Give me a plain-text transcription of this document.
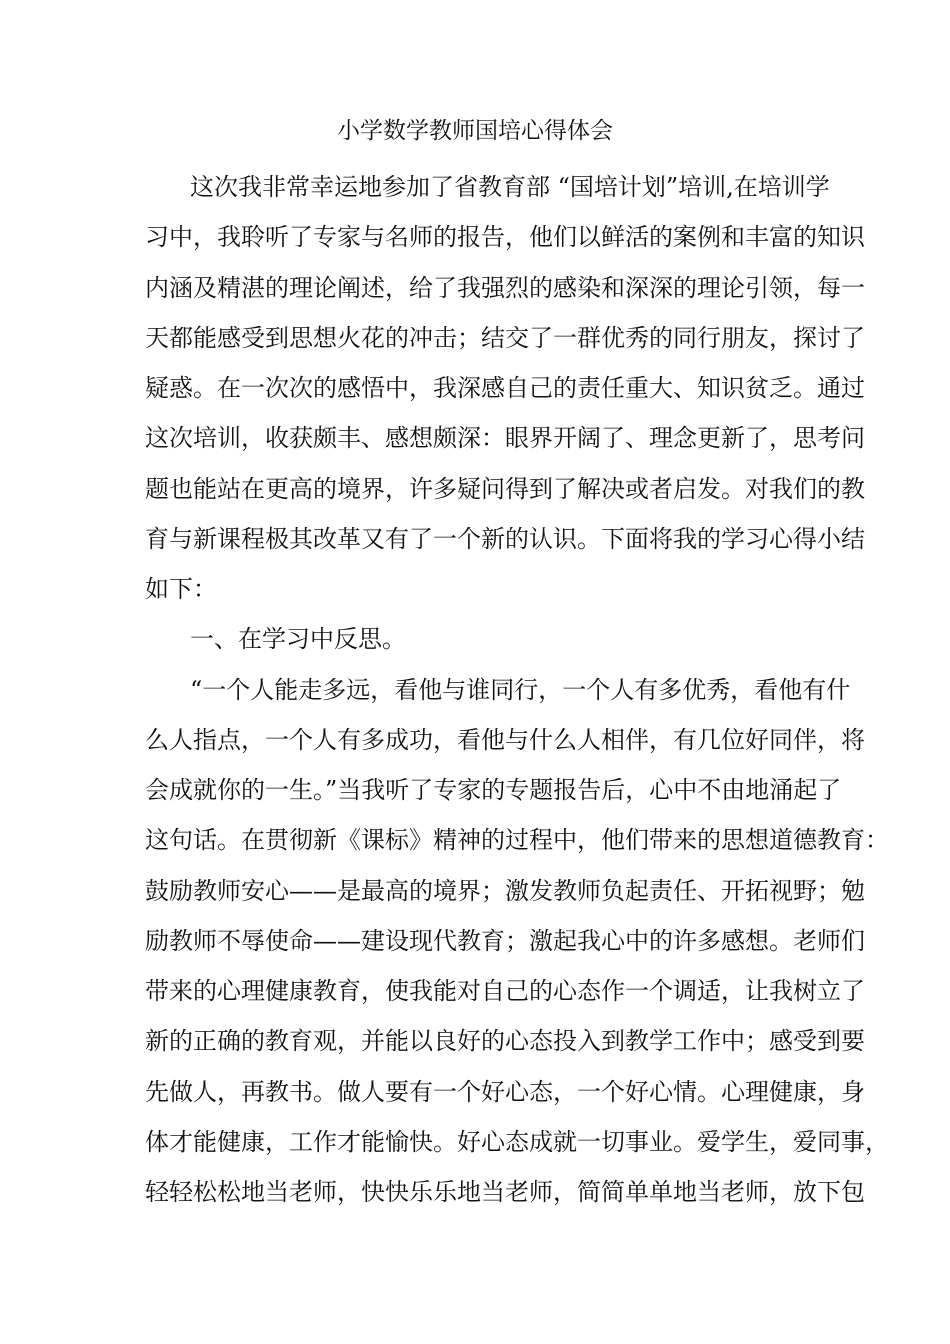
小学数学教师国培心得体会
这次我非常幸运地参加了省教育部 “国培计划”培训,在培训学
习中，我聆听了专家与名师的报告，他们以鲜活的案例和丰富的知识
内涵及精湛的理论阐述，给了我强烈的感染和深深的理论引领，每一
天都能感受到思想火花的冲击；结交了一群优秀的同行朋友，探讨了
疑惑。在一次次的感悟中，我深感自己的责任重大、知识贫乏。通过
这次培训，收获颇丰、感想颇深：眼界开阔了、理念更新了，思考问
题也能站在更高的境界，许多疑问得到了解决或者启发。对我们的教
育与新课程极其改革又有了一个新的认识。下面将我的学习心得小结
如下：
一、在学习中反思。
“一个人能走多远，看他与谁同行，一个人有多优秀，看他有什
么人指点，一个人有多成功，看他与什么人相伴，有几位好同伴，将
会成就你的一生。”当我听了专家的专题报告后，心中不由地涌起了
这句话。在贯彻新《课标》精神的过程中，他们带来的思想道德教育：
鼓励教师安心——是最高的境界；激发教师负起责任、开拓视野；勉
励教师不辱使命——建设现代教育；激起我心中的许多感想。老师们
带来的心理健康教育，使我能对自己的心态作一个调适，让我树立了
新的正确的教育观，并能以良好的心态投入到教学工作中；感受到要
先做人，再教书。做人要有一个好心态，一个好心情。心理健康，身
体才能健康，工作才能愉快。好心态成就一切事业。爱学生，爱同事，
轻轻松松地当老师，快快乐乐地当老师，简简单单地当老师，放下包
